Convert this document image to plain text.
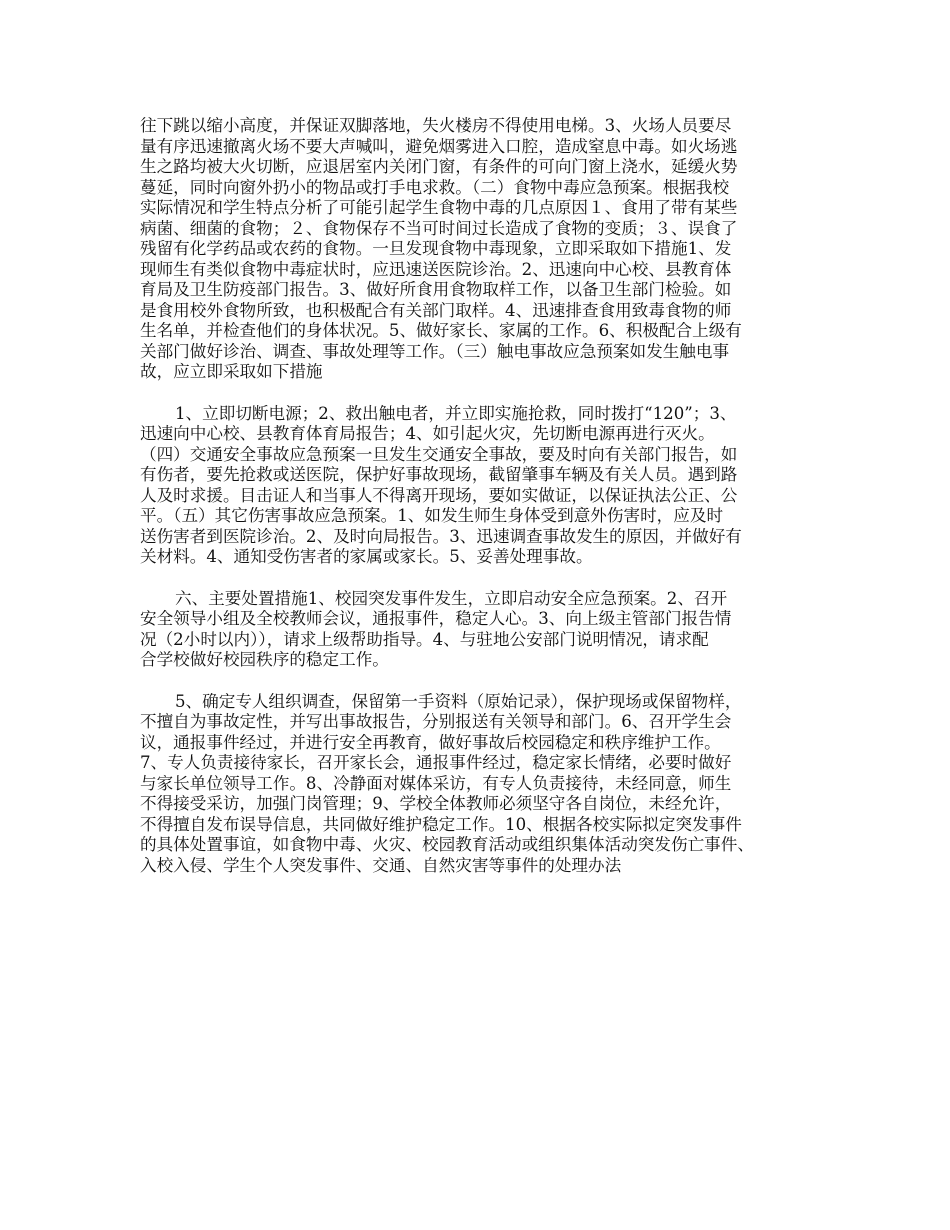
往下跳以缩小高度，并保证双脚落地，失火楼房不得使用电梯。3、火场人员要尽
量有序迅速撤离火场不要大声喊叫，避免烟雾进入口腔，造成窒息中毒。如火场逃
生之路均被大火切断，应退居室内关闭门窗，有条件的可向门窗上浇水，延缓火势
蔓延，同时向窗外扔小的物品或打手电求救。（二）食物中毒应急预案。根据我校
实际情况和学生特点分析了可能引起学生食物中毒的几点原因１、食用了带有某些
病菌、细菌的食物；２、食物保存不当可时间过长造成了食物的变质；３、误食了
残留有化学药品或农药的食物。一旦发现食物中毒现象，立即采取如下措施1、发
现师生有类似食物中毒症状时，应迅速送医院诊治。2、迅速向中心校、县教育体
育局及卫生防疫部门报告。3、做好所食用食物取样工作，以备卫生部门检验。如
是食用校外食物所致，也积极配合有关部门取样。4、迅速排查食用致毒食物的师
生名单，并检查他们的身体状况。5、做好家长、家属的工作。6、积极配合上级有
关部门做好诊治、调查、事故处理等工作。（三）触电事故应急预案如发生触电事
故，应立即采取如下措施
1、立即切断电源；2、救出触电者，并立即实施抢救，同时拨打“120”；3、
迅速向中心校、县教育体育局报告；4、如引起火灾，先切断电源再进行灭火。
（四）交通安全事故应急预案一旦发生交通安全事故，要及时向有关部门报告，如
有伤者，要先抢救或送医院，保护好事故现场，截留肇事车辆及有关人员。遇到路
人及时求援。目击证人和当事人不得离开现场，要如实做证，以保证执法公正、公
平。（五）其它伤害事故应急预案。1、如发生师生身体受到意外伤害时，应及时
送伤害者到医院诊治。2、及时向局报告。3、迅速调查事故发生的原因，并做好有
关材料。4、通知受伤害者的家属或家长。5、妥善处理事故。
六、主要处置措施1、校园突发事件发生，立即启动安全应急预案。2、召开
安全领导小组及全校教师会议，通报事件，稳定人心。3、向上级主管部门报告情
况（2小时以内）），请求上级帮助指导。4、与驻地公安部门说明情况，请求配
合学校做好校园秩序的稳定工作。
5、确定专人组织调查，保留第一手资料（原始记录），保护现场或保留物样，
不擅自为事故定性，并写出事故报告，分别报送有关领导和部门。6、召开学生会
议，通报事件经过，并进行安全再教育，做好事故后校园稳定和秩序维护工作。
7、专人负责接待家长，召开家长会，通报事件经过，稳定家长情绪，必要时做好
与家长单位领导工作。8、冷静面对媒体采访，有专人负责接待，未经同意，师生
不得接受采访，加强门岗管理；9、学校全体教师必须坚守各自岗位，未经允许，
不得擅自发布误导信息，共同做好维护稳定工作。10、根据各校实际拟定突发事件
的具体处置事谊，如食物中毒、火灾、校园教育活动或组织集体活动突发伤亡事件、
入校入侵、学生个人突发事件、交通、自然灾害等事件的处理办法
